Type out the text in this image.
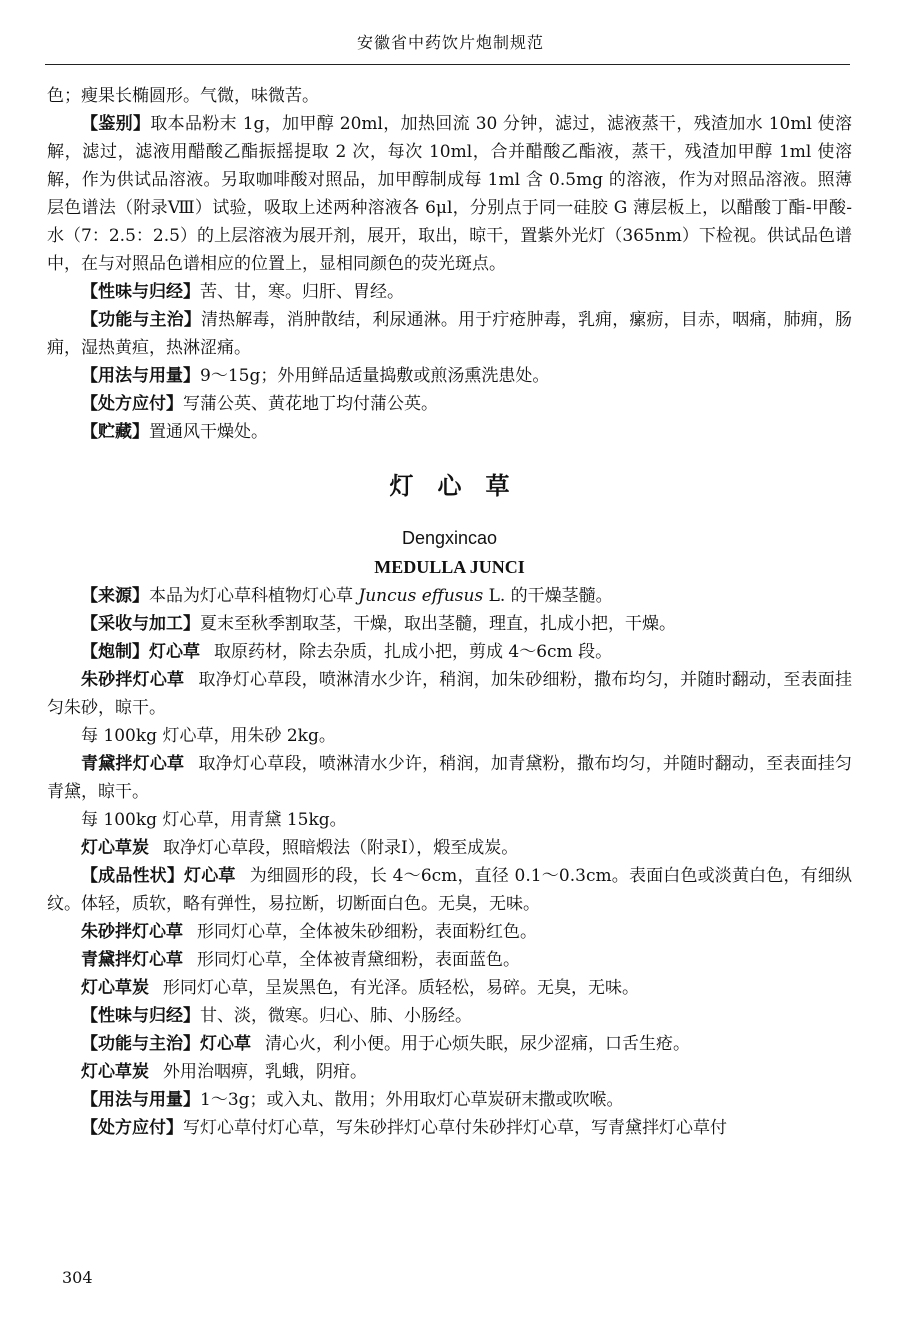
安徽省中药饮片炮制规范

色；瘦果长椭圆形。气微，味微苦。

【鉴别】取本品粉末 1g，加甲醇 20ml，加热回流 30 分钟，滤过，滤液蒸干，残渣加水 10ml 使溶解，滤过，滤液用醋酸乙酯振摇提取 2 次，每次 10ml，合并醋酸乙酯液，蒸干，残渣加甲醇 1ml 使溶解，作为供试品溶液。另取咖啡酸对照品，加甲醇制成每 1ml 含 0.5mg 的溶液，作为对照品溶液。照薄层色谱法（附录Ⅷ）试验，吸取上述两种溶液各 6μl，分别点于同一硅胶 G 薄层板上，以醋酸丁酯-甲酸-水（7：2.5：2.5）的上层溶液为展开剂，展开，取出，晾干，置紫外光灯（365nm）下检视。供试品色谱中，在与对照品色谱相应的位置上，显相同颜色的荧光斑点。

【性味与归经】苦、甘，寒。归肝、胃经。

【功能与主治】清热解毒，消肿散结，利尿通淋。用于疔疮肿毒，乳痈，瘰疬，目赤，咽痛，肺痈，肠痈，湿热黄疸，热淋涩痛。

【用法与用量】9～15g；外用鲜品适量捣敷或煎汤熏洗患处。

【处方应付】写蒲公英、黄花地丁均付蒲公英。

【贮藏】置通风干燥处。

灯心草
Dengxincao
MEDULLA JUNCI

【来源】本品为灯心草科植物灯心草 Juncus effusus L. 的干燥茎髓。

【采收与加工】夏末至秋季割取茎，干燥，取出茎髓，理直，扎成小把，干燥。

【炮制】灯心草 取原药材，除去杂质，扎成小把，剪成 4～6cm 段。

朱砂拌灯心草 取净灯心草段，喷淋清水少许，稍润，加朱砂细粉，撒布均匀，并随时翻动，至表面挂匀朱砂，晾干。

每 100kg 灯心草，用朱砂 2kg。

青黛拌灯心草 取净灯心草段，喷淋清水少许，稍润，加青黛粉，撒布均匀，并随时翻动，至表面挂匀青黛，晾干。

每 100kg 灯心草，用青黛 15kg。

灯心草炭 取净灯心草段，照暗煅法（附录Ⅰ），煅至成炭。

【成品性状】灯心草 为细圆形的段，长 4～6cm，直径 0.1～0.3cm。表面白色或淡黄白色，有细纵纹。体轻，质软，略有弹性，易拉断，切断面白色。无臭，无味。

朱砂拌灯心草 形同灯心草，全体被朱砂细粉，表面粉红色。

青黛拌灯心草 形同灯心草，全体被青黛细粉，表面蓝色。

灯心草炭 形同灯心草，呈炭黑色，有光泽。质轻松，易碎。无臭，无味。

【性味与归经】甘、淡，微寒。归心、肺、小肠经。

【功能与主治】灯心草 清心火，利小便。用于心烦失眠，尿少涩痛，口舌生疮。

灯心草炭 外用治咽痹，乳蛾，阴疳。

【用法与用量】1～3g；或入丸、散用；外用取灯心草炭研末撒或吹喉。

【处方应付】写灯心草付灯心草，写朱砂拌灯心草付朱砂拌灯心草，写青黛拌灯心草付

304
